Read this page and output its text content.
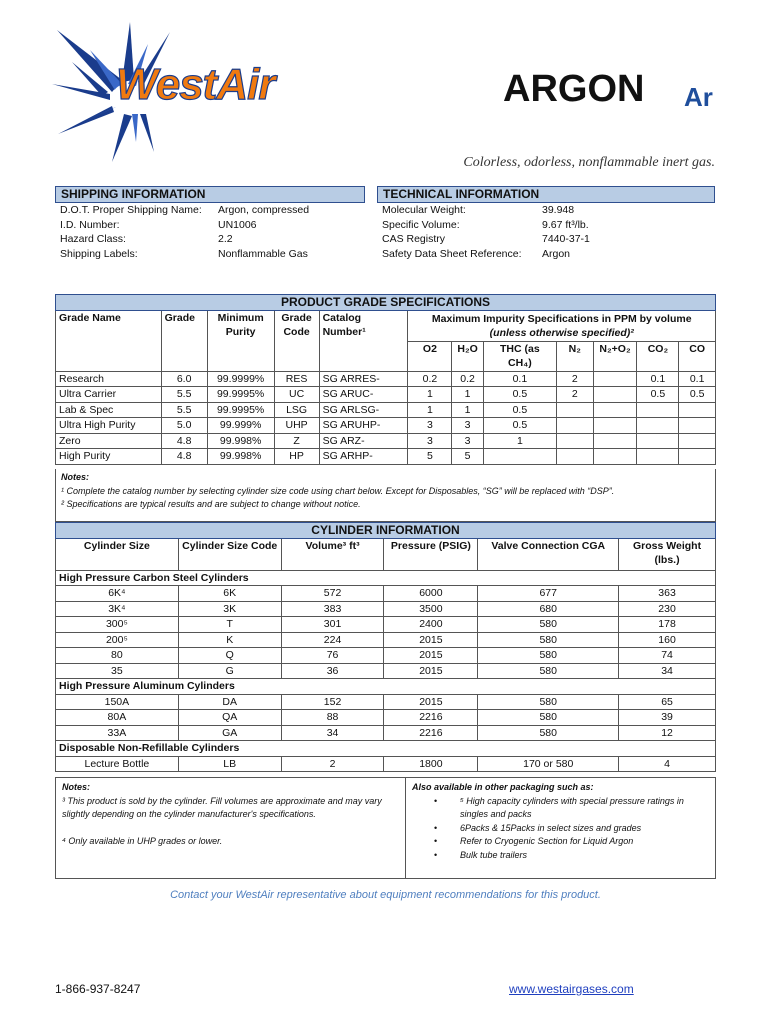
WestAir	ARGON Ar
Colorless, odorless, nonflammable inert gas.
SHIPPING INFORMATION
D.O.T. Proper Shipping Name:	Argon, compressed
I.D. Number:	UN1006
Hazard Class:	2.2
Shipping Labels:	Nonflammable Gas
TECHNICAL INFORMATION
Molecular Weight:	39.948
Specific Volume:	9.67 ft³/lb.
CAS Registry	7440-37-1
Safety Data Sheet Reference:	Argon
PRODUCT GRADE SPECIFICATIONS											
Grade Name	Grade	Minimum Purity	Grade Code	Catalog Number¹	Maximum Impurity Specifications in PPM by volume
(unless otherwise specified)²						

					O2	H₂O	THC (as CH₄)	N₂	N₂+O₂	CO₂	CO
Research	6.0	99.9999%	RES	SG ARRES-	0.2	0.2	0.1	2		0.1	0.1
Ultra Carrier	5.5	99.9995%	UC	SG ARUC-	1	1	0.5	2		0.5	0.5
Lab & Spec	5.5	99.9995%	LSG	SG ARLSG-	1	1	0.5				
Ultra High Purity	5.0	99.999%	UHP	SG ARUHP-	3	3	0.5				
Zero	4.8	99.998%	Z	SG ARZ-	3	3	1				
High Purity	4.8	99.998%	HP	SG ARHP-	5	5					
Notes:
¹ Complete the catalog number by selecting cylinder size code using chart below. Except for Disposables, “SG” will be replaced with “DSP”.
² Specifications are typical results and are subject to change without notice.
CYLINDER INFORMATION					
Cylinder Size	Cylinder Size Code	Volume³ ft³	Pressure (PSIG)	Valve Connection CGA	Gross Weight (lbs.)
High Pressure Carbon Steel Cylinders					
6K⁴	6K	572	6000	677	363
3K⁴	3K	383	3500	680	230
300⁵	T	301	2400	580	178
200⁵	K	224	2015	580	160
80	Q	76	2015	580	74
35	G	36	2015	580	34
High Pressure Aluminum Cylinders					
150A	DA	152	2015	580	65
80A	QA	88	2216	580	39
33A	GA	34	2216	580	12
Disposable Non-Refillable Cylinders					
Lecture Bottle	LB	2	1800	170 or 580	4
Notes:
³ This product is sold by the cylinder. Fill volumes are approximate and may vary slightly depending on the cylinder manufacturer's specifications.
⁴ Only available in UHP grades or lower.
Also available in other packaging such as:
• ⁵ High capacity cylinders with special pressure ratings in singles and packs
• 6Packs & 15Packs in select sizes and grades
• Refer to Cryogenic Section for Liquid Argon
• Bulk tube trailers
Contact your WestAir representative about equipment recommendations for this product.
1-866-937-8247	www.westairgases.com
